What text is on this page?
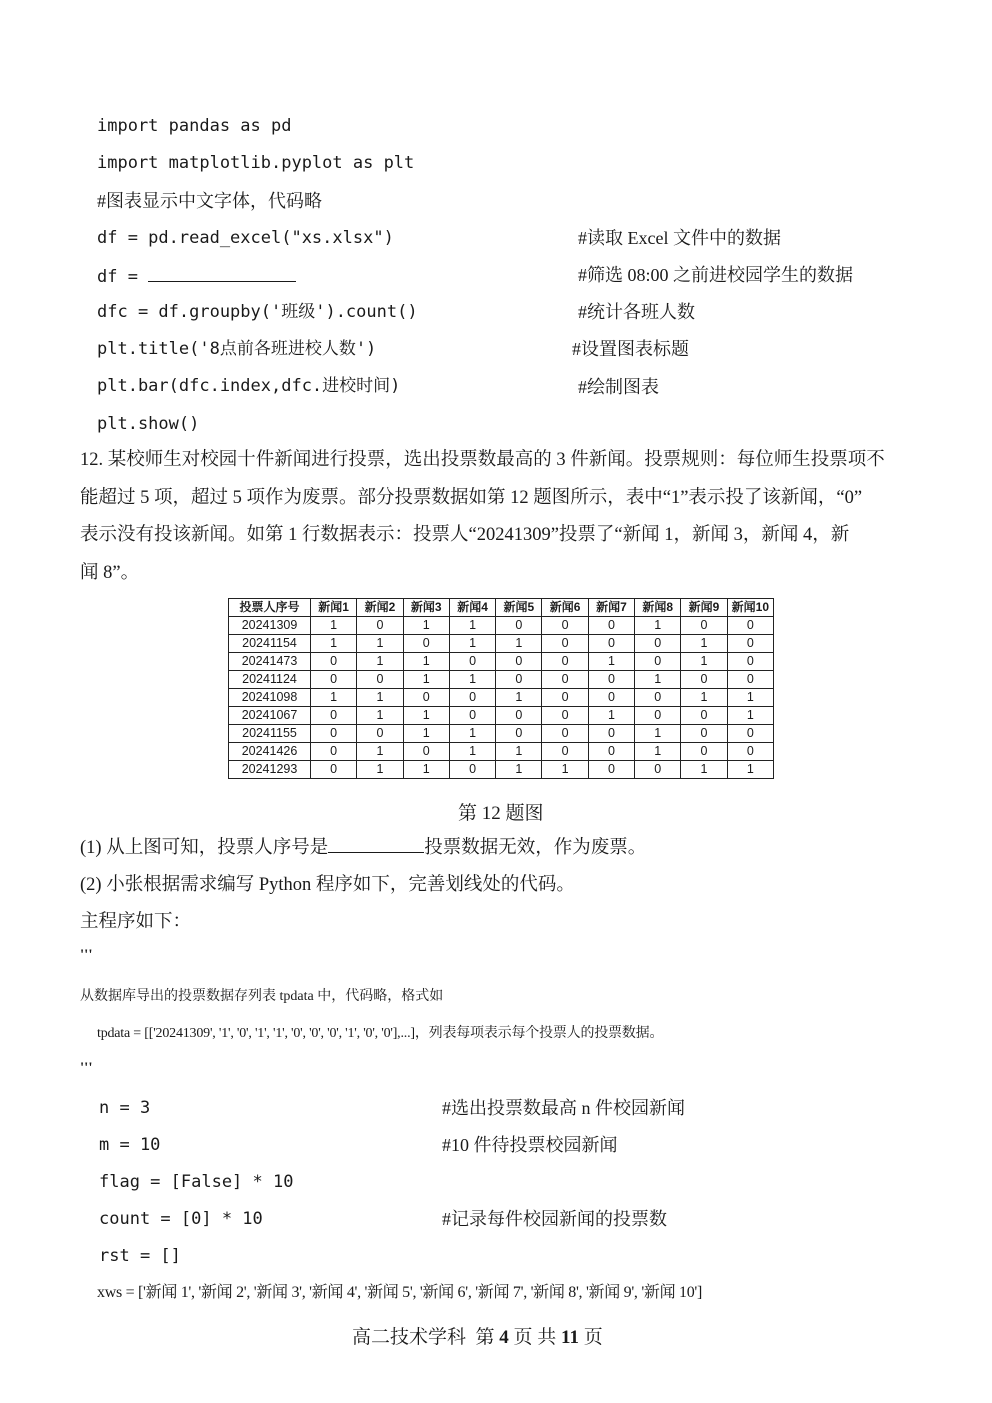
import pandas as pd
import matplotlib.pyplot as plt
#图表显示中文字体，代码略
df = pd.read_excel("xs.xlsx")
df =
dfc = df.groupby('班级').count()
plt.title('8点前各班进校人数')
plt.bar(dfc.index,dfc.进校时间)
plt.show()
#读取 Excel 文件中的数据
#筛选 08:00 之前进校园学生的数据
#统计各班人数
#设置图表标题
#绘制图表
12. 某校师生对校园十件新闻进行投票，选出投票数最高的 3 件新闻。投票规则：每位师生投票项不
能超过 5 项，超过 5 项作为废票。部分投票数据如第 12 题图所示，表中“1”表示投了该新闻，“0”
表示没有投该新闻。如第 1 行数据表示：投票人“20241309”投票了“新闻 1，新闻 3，新闻 4，新
闻 8”。
投票人序号	新闻1	新闻2	新闻3	新闻4	新闻5	新闻6	新闻7	新闻8	新闻9	新闻10
20241309	1	0	1	1	0	0	0	1	0	0
20241154	1	1	0	1	1	0	0	0	1	0
20241473	0	1	1	0	0	0	1	0	1	0
20241124	0	0	1	1	0	0	0	1	0	0
20241098	1	1	0	0	1	0	0	0	1	1
20241067	0	1	1	0	0	0	1	0	0	1
20241155	0	0	1	1	0	0	0	1	0	0
20241426	0	1	0	1	1	0	0	1	0	0
20241293	0	1	1	0	1	1	0	0	1	1
第 12 题图
(1) 从上图可知，投票人序号是	投票数据无效，作为废票。
(2) 小张根据需求编写 Python 程序如下，完善划线处的代码。
主程序如下：
'''
从数据库导出的投票数据存列表 tpdata 中，代码略，格式如
tpdata = [['20241309', '1', '0', '1', '1', '0', '0', '0', '1', '0', '0'],...]，列表每项表示每个投票人的投票数据。
'''
n = 3
m = 10
flag = [False] * 10
count = [0] * 10
rst = []
xws = ['新闻 1', '新闻 2', '新闻 3', '新闻 4', '新闻 5', '新闻 6', '新闻 7', '新闻 8', '新闻 9', '新闻 10']
#选出投票数最高 n 件校园新闻
#10 件待投票校园新闻
#记录每件校园新闻的投票数
高二技术学科 第 4 页 共 11 页
